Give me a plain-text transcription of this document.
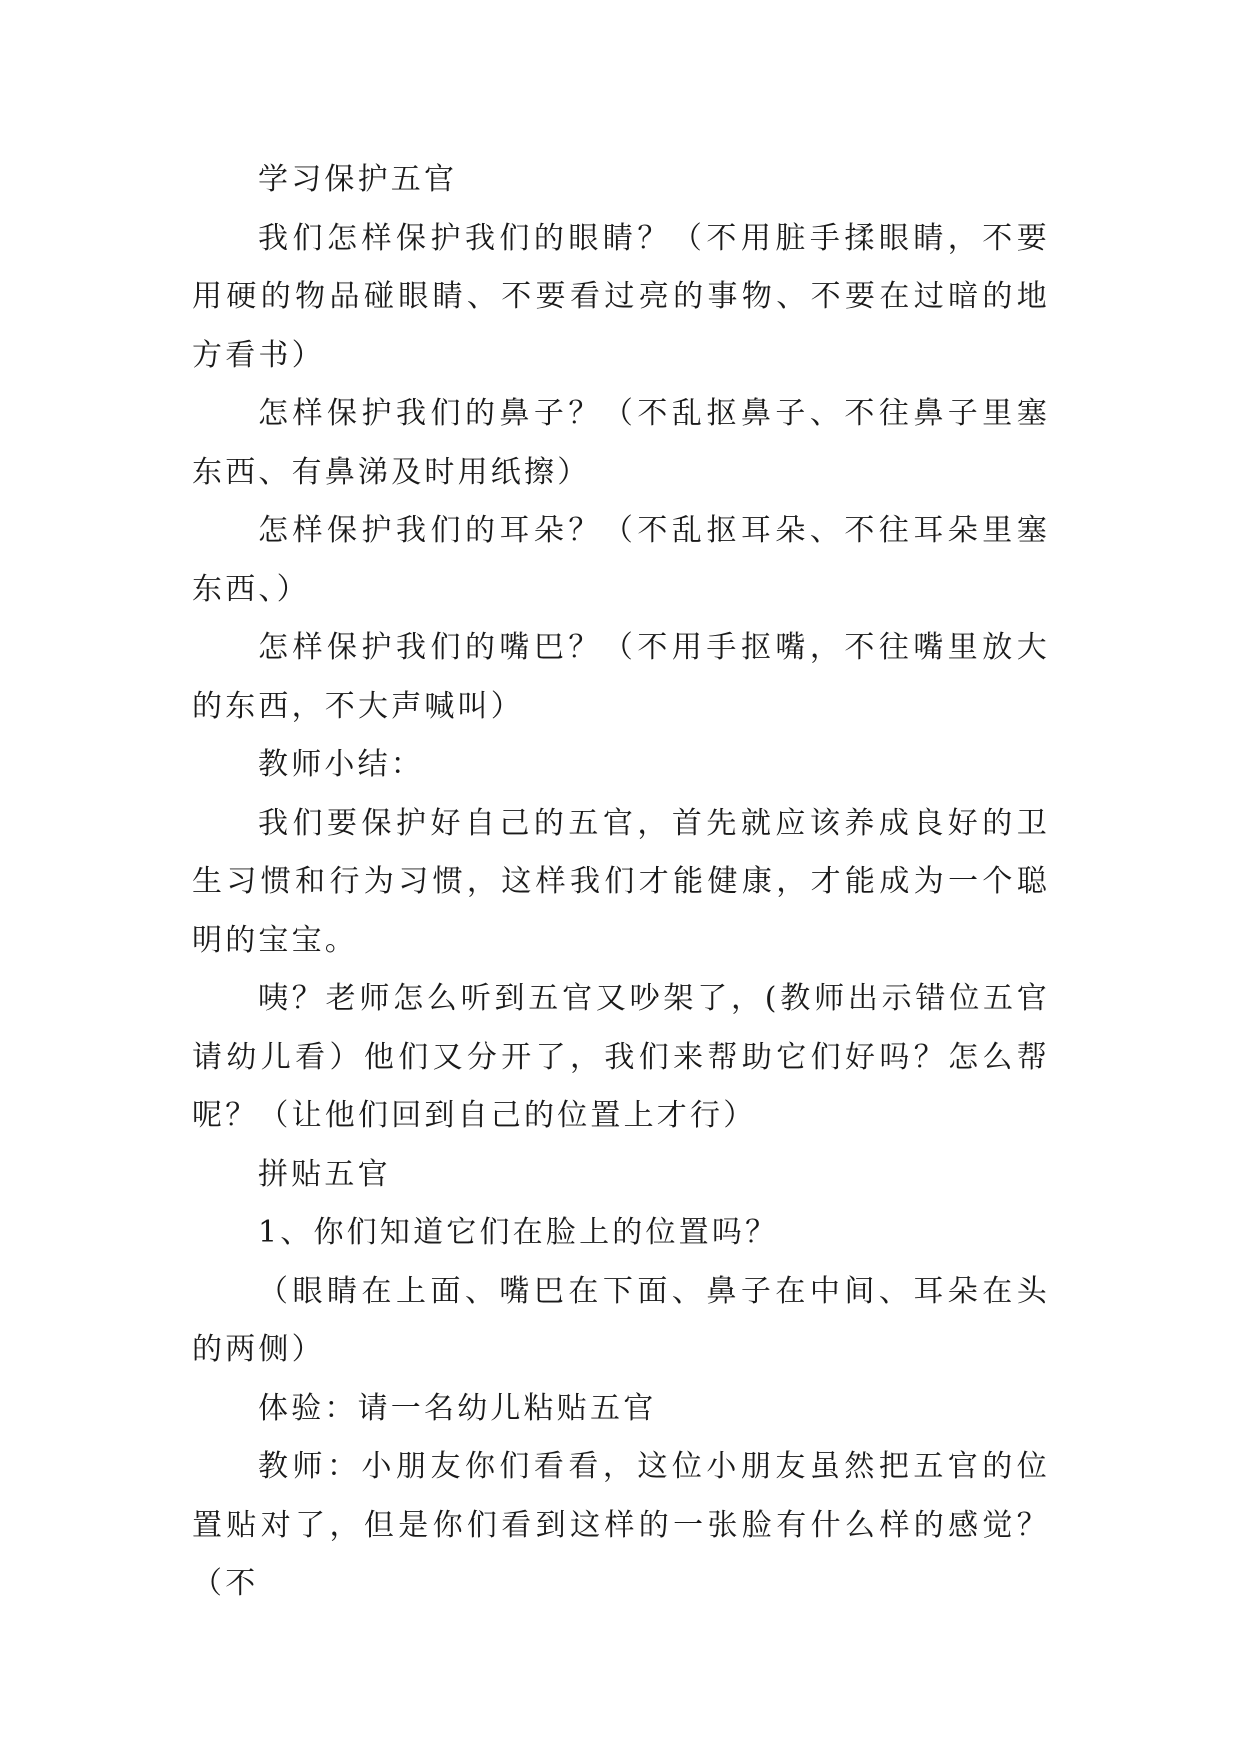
学习保护五官

我们怎样保护我们的眼睛？（不用脏手揉眼睛，不要用硬的物品碰眼睛、不要看过亮的事物、不要在过暗的地方看书）

怎样保护我们的鼻子？（不乱抠鼻子、不往鼻子里塞东西、有鼻涕及时用纸擦）

怎样保护我们的耳朵？（不乱抠耳朵、不往耳朵里塞东西、）

怎样保护我们的嘴巴？（不用手抠嘴，不往嘴里放大的东西，不大声喊叫）

教师小结：

我们要保护好自己的五官，首先就应该养成良好的卫生习惯和行为习惯，这样我们才能健康，才能成为一个聪明的宝宝。

咦？老师怎么听到五官又吵架了，(教师出示错位五官请幼儿看）他们又分开了，我们来帮助它们好吗？怎么帮呢？（让他们回到自己的位置上才行）

拼贴五官

1、你们知道它们在脸上的位置吗？

（眼睛在上面、嘴巴在下面、鼻子在中间、耳朵在头的两侧）

体验：请一名幼儿粘贴五官

教师：小朋友你们看看，这位小朋友虽然把五官的位置贴对了，但是你们看到这样的一张脸有什么样的感觉？（不
